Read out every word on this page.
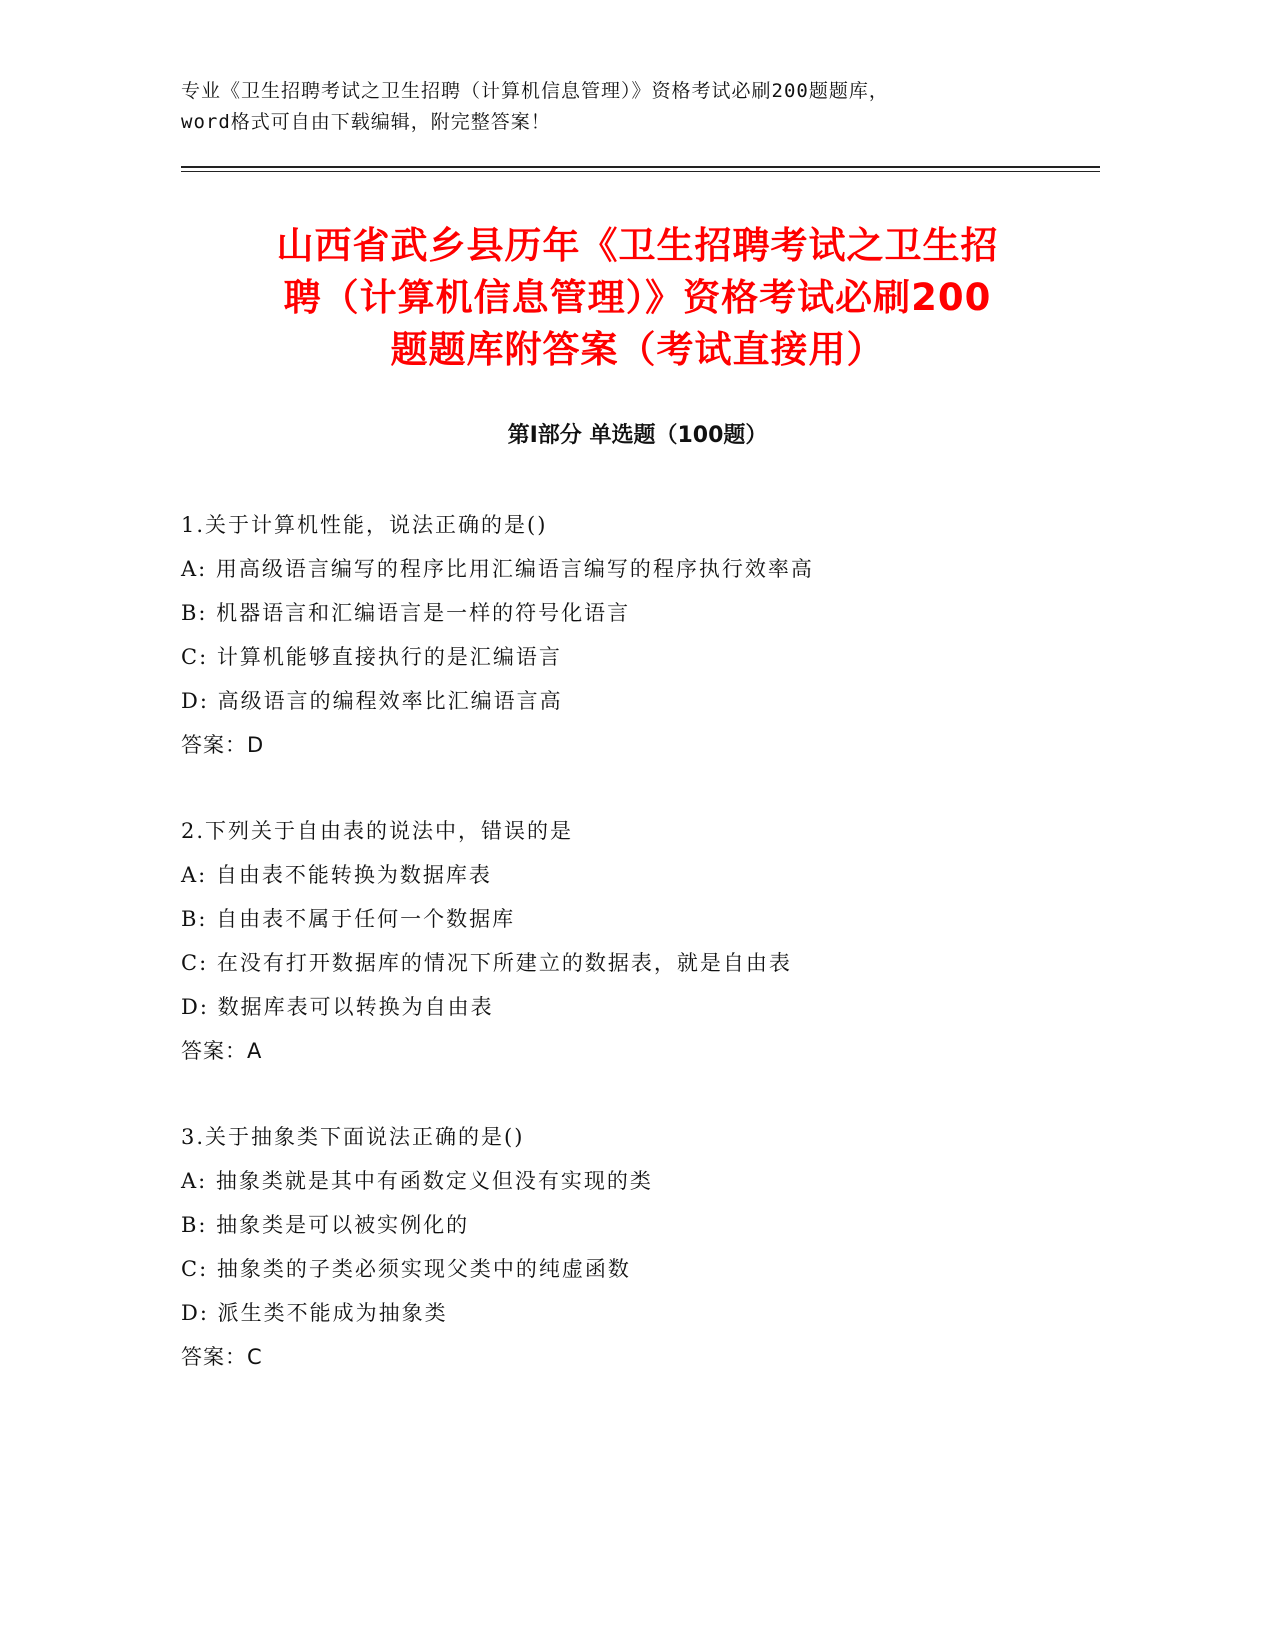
专业《卫生招聘考试之卫生招聘（计算机信息管理）》资格考试必刷200题题库，
word格式可自由下载编辑，附完整答案！
山西省武乡县历年《卫生招聘考试之卫生招
聘（计算机信息管理）》资格考试必刷200
题题库附答案（考试直接用）
第Ⅰ部分 单选题（100题）
1.关于计算机性能，说法正确的是()
A: 用高级语言编写的程序比用汇编语言编写的程序执行效率高
B: 机器语言和汇编语言是一样的符号化语言
C: 计算机能够直接执行的是汇编语言
D: 高级语言的编程效率比汇编语言高
答案：D
2.下列关于自由表的说法中，错误的是
A: 自由表不能转换为数据库表
B: 自由表不属于任何一个数据库
C: 在没有打开数据库的情况下所建立的数据表，就是自由表
D: 数据库表可以转换为自由表
答案：A
3.关于抽象类下面说法正确的是()
A: 抽象类就是其中有函数定义但没有实现的类
B: 抽象类是可以被实例化的
C: 抽象类的子类必须实现父类中的纯虚函数
D: 派生类不能成为抽象类
答案：C
